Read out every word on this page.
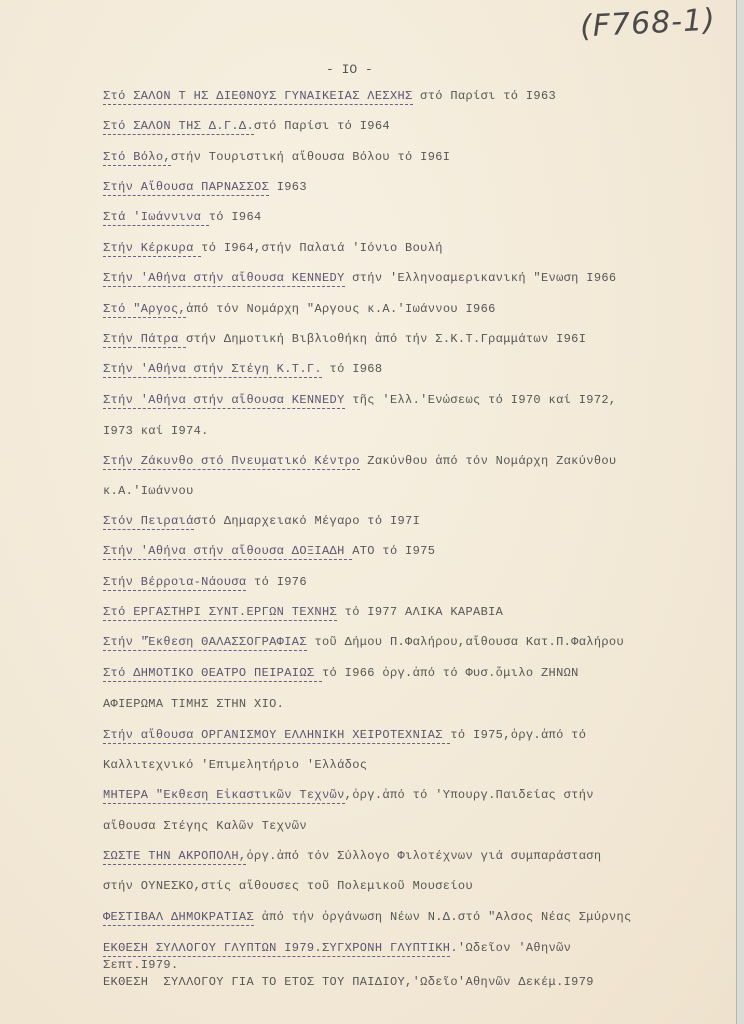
(F768-1)
- IO -
Στό ΣΑΛΟΝ Τ ΗΣ ΔΙΕΘΝΟΥΣ ΓΥΝΑΙΚΕΙΑΣ ΛΕΣΧΗΣ στό Παρίσι τό Ι963
Στό ΣΑΛΟΝ ΤΗΣ Δ.Γ.Δ.στό Παρίσι τό Ι964
Στό Βόλο,στήν Τουριστική αἴθουσα Βόλου τό Ι96Ι
Στήν Αἴθουσα ΠΑΡΝΑΣΣΟΣ Ι963
Στά 'Ιωάννινα τό Ι964
Στήν Κέρκυρα τό Ι964,στήν Παλαιά 'Ιόνιο Βουλή
Στήν 'Αθήνα στήν αἴθουσα KENNEDY στήν 'Ελληνοαμερικανική "Ενωση Ι966
Στό "Αργος,ἀπό τόν Νομάρχη "Αργους κ.Α.'Ιωάννου Ι966
Στήν Πάτρα στήν Δημοτική Βιβλιοθήκη ἀπό τήν Σ.Κ.Τ.Γραμμάτων Ι96Ι
Στήν 'Αθήνα στήν Στέγη Κ.Τ.Γ. τό Ι968
Στήν 'Αθήνα στήν αἴθουσα KENNEDY τῆς 'Ελλ.'Ενώσεως τό Ι970 καί Ι972,
Ι973 καί Ι974.
Στήν Ζάκυνθο στό Πνευματικό Κέντρο Ζακύνθου ἀπό τόν Νομάρχη Ζακύνθου
κ.Α.'Ιωάννου
Στόν Πειραιάστό Δημαρχειακό Μέγαρο τό Ι97Ι
Στήν 'Αθήνα στήν αἴθουσα ΔΟΞΙΑΔΗ ΑΤΟ τό Ι975
Στήν Βέρροια-Νάουσα τό Ι976
Στό ΕΡΓΑΣΤΗΡΙ ΣΥΝΤ.ΕΡΓΩΝ ΤΕΧΝΗΣ τό Ι977 ΑΛΙΚΑ ΚΑΡΑΒΙΑ
Στήν "Ἔκθεση ΘΑΛΑΣΣΟΓΡΑΦΙΑΣ τοῦ Δήμου Π.Φαλήρου,αἴθουσα Κατ.Π.Φαλήρου
Στό ΔΗΜΟΤΙΚΟ ΘΕΑΤΡΟ ΠΕΙΡΑΙΩΣ τό Ι966 ὀργ.ἀπό τό Φυσ.ὅμιλο ΖΗΝΩΝ
ΑΦΙΕΡΩΜΑ ΤΙΜΗΣ ΣΤΗΝ ΧΙΟ.
Στήν αἴθουσα ΟΡΓΑΝΙΣΜΟΥ ΕΛΛΗΝΙΚΗ ΧΕΙΡΟΤΕΧΝΙΑΣ τό Ι975,ὀργ.ἀπό τό
Καλλιτεχνικό 'Επιμελητήριο 'Ελλάδος
ΜΗΤΕΡΑ "Εκθεση Εἰκαστικῶν Τεχνῶν,ὀργ.ἀπό τό 'Υπουργ.Παιδείας στήν
αἴθουσα Στέγης Καλῶν Τεχνῶν
ΣΩΣΤΕ ΤΗΝ ΑΚΡΟΠΟΛΗ,ὀργ.ἀπό τόν Σύλλογο Φιλοτέχνων γιά συμπαράσταση
στήν ΟΥΝΕΣΚΟ,στίς αἴθουσες τοῦ Πολεμικοῦ Μουσείου
ΦΕΣΤΙΒΑΛ ΔΗΜΟΚΡΑΤΙΑΣ ἀπό τήν ὀργάνωση Νέων Ν.Δ.στό "Αλσος Νέας Σμύρνης
ΕΚΘΕΣΗ ΣΥΛΛΟΓΟΥ ΓΛΥΠΤΩΝ Ι979.ΣΥΓΧΡΟΝΗ ΓΛΥΠΤΙΚΗ.'Ωδεῖον 'Αθηνῶν
Σεπτ.Ι979.
ΕΚΘΕΣΗ  ΣΥΛΛΟΓΟΥ ΓΙΑ ΤΟ ΕΤΟΣ ΤΟΥ ΠΑΙΔΙΟΥ,'Ωδεῖο'Αθηνῶν Δεκέμ.Ι979
